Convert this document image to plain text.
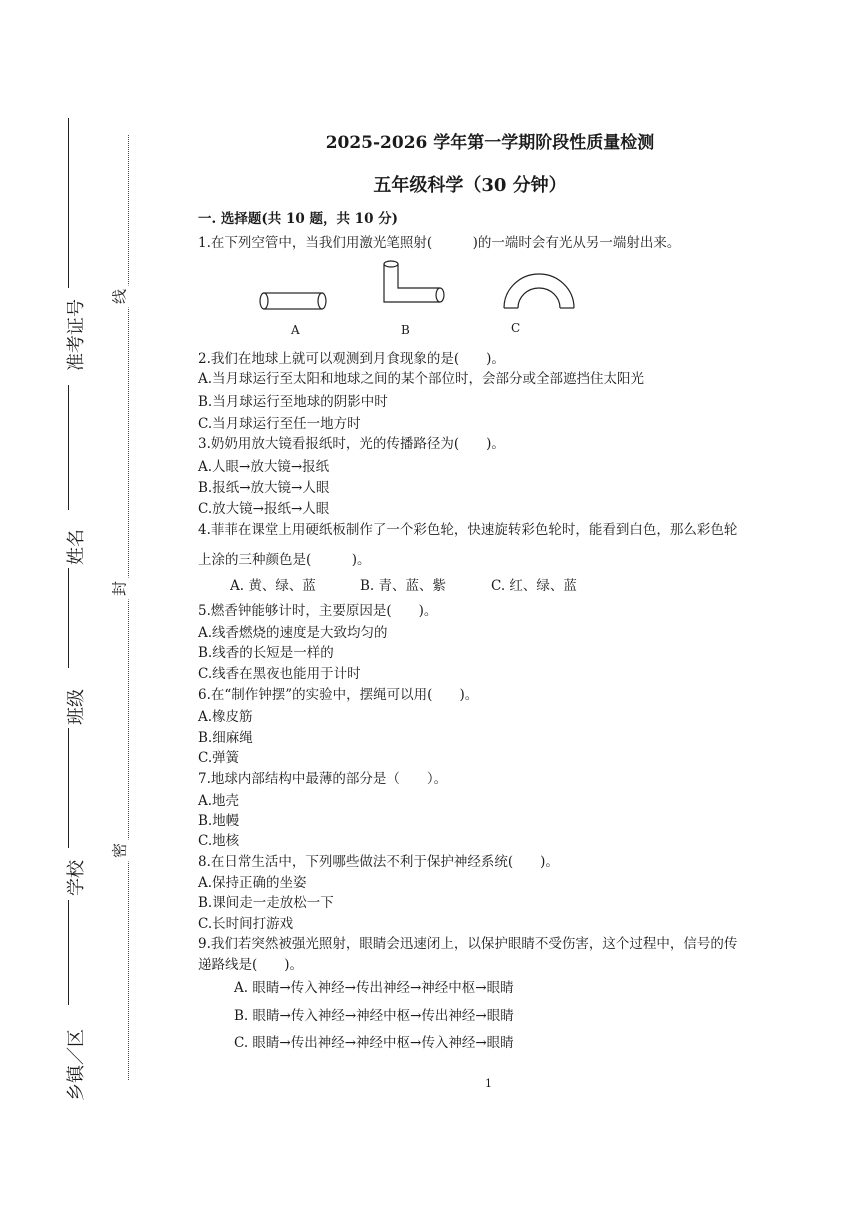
准考证号
姓名
班级
学校
乡镇／区
线
封
密
2025-2026 学年第一学期阶段性质量检测
五年级科学（30 分钟）
一. 选择题(共 10 题，共 10 分)
1.在下列空管中，当我们用激光笔照射(　　　)的一端时会有光从另一端射出来。
A	B	C
2.我们在地球上就可以观测到月食现象的是(　　)。
A.当月球运行至太阳和地球之间的某个部位时，会部分或全部遮挡住太阳光
B.当月球运行至地球的阴影中时
C.当月球运行至任一地方时
3.奶奶用放大镜看报纸时，光的传播路径为(　　)。
A.人眼→放大镜→报纸
B.报纸→放大镜→人眼
C.放大镜→报纸→人眼
4.菲菲在课堂上用硬纸板制作了一个彩色轮，快速旋转彩色轮时，能看到白色，那么彩色轮
上涂的三种颜色是(　　　)。
A. 黄、绿、蓝	B. 青、蓝、紫	C. 红、绿、蓝
5.燃香钟能够计时，主要原因是(　　)。
A.线香燃烧的速度是大致均匀的
B.线香的长短是一样的
C.线香在黑夜也能用于计时
6.在“制作钟摆”的实验中，摆绳可以用(　　)。
A.橡皮筋
B.细麻绳
C.弹簧
7.地球内部结构中最薄的部分是（　　）。
A.地壳
B.地幔
C.地核
8.在日常生活中，下列哪些做法不利于保护神经系统(　　)。
A.保持正确的坐姿
B.课间走一走放松一下
C.长时间打游戏
9.我们若突然被强光照射，眼睛会迅速闭上，以保护眼睛不受伤害，这个过程中，信号的传
递路线是(　　)。
A. 眼睛→传入神经→传出神经→神经中枢→眼睛
B. 眼睛→传入神经→神经中枢→传出神经→眼睛
C. 眼睛→传出神经→神经中枢→传入神经→眼睛
1
